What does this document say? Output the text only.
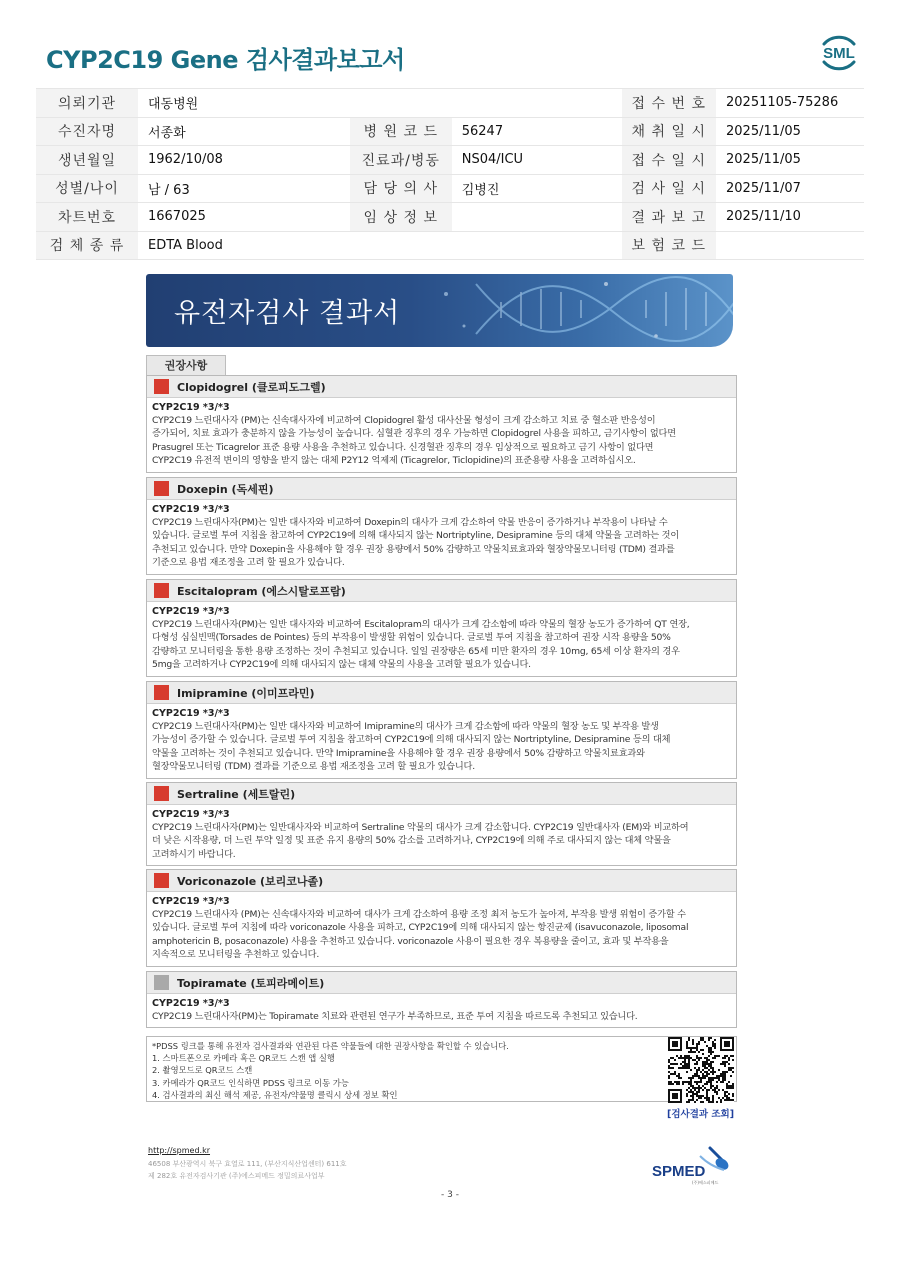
CYP2C19 Gene 검사결과보고서	SML
의뢰기관	대동병원			접 수 번 호	20251105-75286
수진자명	서종화	병 원 코 드	56247	채 취 일 시	2025/11/05
생년월일	1962/10/08	진료과/병동	NS04/ICU	접 수 일 시	2025/11/05
성별/나이	남 / 63	담 당 의 사	김병진	검 사 일 시	2025/11/07
차트번호	1667025	임 상 정 보		결 과 보 고	2025/11/10
검 체 종 류	EDTA Blood			보 험 코 드	
유전자검사 결과서
권장사항
Clopidogrel (클로피도그렐)
CYP2C19 *3/*3
CYP2C19 느린대사자 (PM)는 신속대사자에 비교하여 Clopidogrel 활성 대사산물 형성이 크게 감소하고 치료 중 혈소판 반응성이
증가되어, 치료 효과가 충분하지 않을 가능성이 높습니다. 심혈관 징후의 경우 가능하면 Clopidogrel 사용을 피하고, 금기사항이 없다면
Prasugrel 또는 Ticagrelor 표준 용량 사용을 추천하고 있습니다. 신경혈관 징후의 경우 임상적으로 필요하고 금기 사항이 없다면
CYP2C19 유전적 변이의 영향을 받지 않는 대체 P2Y12 억제제 (Ticagrelor, Ticlopidine)의 표준용량 사용을 고려하십시오.
Doxepin (독세핀)
CYP2C19 *3/*3
CYP2C19 느린대사자(PM)는 일반 대사자와 비교하여 Doxepin의 대사가 크게 감소하여 약물 반응이 증가하거나 부작용이 나타날 수
있습니다. 글로벌 투여 지침을 참고하여 CYP2C19에 의해 대사되지 않는 Nortriptyline, Desipramine 등의 대체 약물을 고려하는 것이
추천되고 있습니다. 만약 Doxepin을 사용해야 할 경우 권장 용량에서 50% 감량하고 약물치료효과와 혈장약물모니터링 (TDM) 결과를
기준으로 용법 재조정을 고려 할 필요가 있습니다.
Escitalopram (에스시탈로프람)
CYP2C19 *3/*3
CYP2C19 느린대사자(PM)는 일반 대사자와 비교하여 Escitalopram의 대사가 크게 감소함에 따라 약물의 혈장 농도가 증가하여 QT 연장,
다형성 심실빈맥(Torsades de Pointes) 등의 부작용이 발생할 위험이 있습니다. 글로벌 투여 지침을 참고하여 권장 시작 용량을 50%
감량하고 모니터링을 통한 용량 조정하는 것이 추천되고 있습니다. 일일 권장량은 65세 미만 환자의 경우 10mg, 65세 이상 환자의 경우
5mg을 고려하거나 CYP2C19에 의해 대사되지 않는 대체 약물의 사용을 고려할 필요가 있습니다.
Imipramine (이미프라민)
CYP2C19 *3/*3
CYP2C19 느린대사자(PM)는 일반 대사자와 비교하여 Imipramine의 대사가 크게 감소함에 따라 약물의 혈장 농도 및 부작용 발생
가능성이 증가할 수 있습니다. 글로벌 투여 지침을 참고하여 CYP2C19에 의해 대사되지 않는 Nortriptyline, Desipramine 등의 대체
약물을 고려하는 것이 추천되고 있습니다. 만약 Imipramine을 사용해야 할 경우 권장 용량에서 50% 감량하고 약물치료효과와
혈장약물모니터링 (TDM) 결과를 기준으로 용법 재조정을 고려 할 필요가 있습니다.
Sertraline (세트랄린)
CYP2C19 *3/*3
CYP2C19 느린대사자(PM)는 일반대사자와 비교하여 Sertraline 약물의 대사가 크게 감소합니다. CYP2C19 일반대사자 (EM)와 비교하여
더 낮은 시작용량, 더 느린 투약 일정 및 표준 유지 용량의 50% 감소를 고려하거나, CYP2C19에 의해 주로 대사되지 않는 대체 약물을
고려하시기 바랍니다.
Voriconazole (보리코나졸)
CYP2C19 *3/*3
CYP2C19 느린대사자 (PM)는 신속대사자와 비교하여 대사가 크게 감소하여 용량 조정 최저 농도가 높아져, 부작용 발생 위험이 증가할 수
있습니다. 글로벌 투여 지침에 따라 voriconazole 사용을 피하고, CYP2C19에 의해 대사되지 않는 항진균제 (isavuconazole, liposomal
amphotericin B, posaconazole) 사용을 추천하고 있습니다. voriconazole 사용이 필요한 경우 복용량을 줄이고, 효과 및 부작용을
지속적으로 모니터링을 추천하고 있습니다.
Topiramate (토피라메이트)
CYP2C19 *3/*3
CYP2C19 느린대사자(PM)는 Topiramate 치료와 관련된 연구가 부족하므로, 표준 투여 지침을 따르도록 추천되고 있습니다.
*PDSS 링크를 통해 유전자 검사결과와 연관된 다른 약물들에 대한 권장사항을 확인할 수 있습니다.
1. 스마트폰으로 카메라 혹은 QR코드 스캔 앱 실행
2. 촬영모드로 QR코드 스캔
3. 카메라가 QR코드 인식하면 PDSS 링크로 이동 가능
4. 검사결과의 최신 해석 제공, 유전자/약물명 클릭시 상세 정보 확인
[검사결과 조회]
http://spmed.kr
46508 부산광역시 북구 효열로 111, (부산지식산업센터) 611호
제 282호 유전자검사기관 (주)에스피메드 정밀의료사업부	SPMED
(주)에스피메드
- 3 -
